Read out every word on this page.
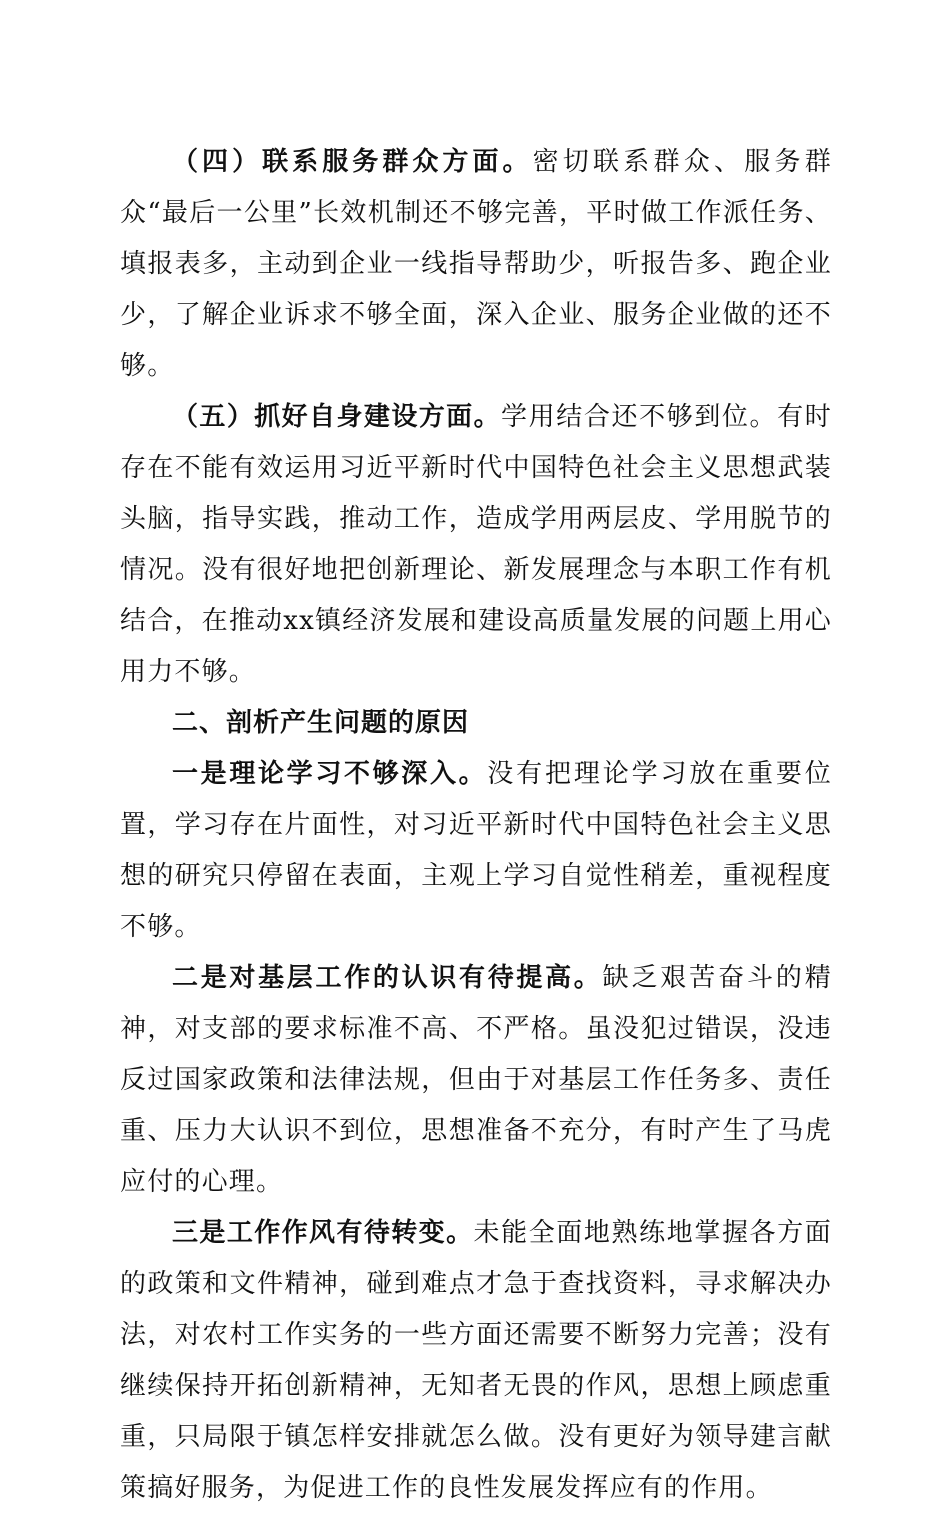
（四）联系服务群众方面。密切联系群众、服务群众“最后一公里”长效机制还不够完善，平时做工作派任务、填报表多，主动到企业一线指导帮助少，听报告多、跑企业少，了解企业诉求不够全面，深入企业、服务企业做的还不够。

（五）抓好自身建设方面。学用结合还不够到位。有时存在不能有效运用习近平新时代中国特色社会主义思想武装头脑，指导实践，推动工作，造成学用两层皮、学用脱节的情况。没有很好地把创新理论、新发展理念与本职工作有机结合，在推动xx镇经济发展和建设高质量发展的问题上用心用力不够。

二、剖析产生问题的原因

一是理论学习不够深入。没有把理论学习放在重要位置，学习存在片面性，对习近平新时代中国特色社会主义思想的研究只停留在表面，主观上学习自觉性稍差，重视程度不够。

二是对基层工作的认识有待提高。缺乏艰苦奋斗的精神，对支部的要求标准不高、不严格。虽没犯过错误，没违反过国家政策和法律法规，但由于对基层工作任务多、责任重、压力大认识不到位，思想准备不充分，有时产生了马虎应付的心理。

三是工作作风有待转变。未能全面地熟练地掌握各方面的政策和文件精神，碰到难点才急于查找资料，寻求解决办法，对农村工作实务的一些方面还需要不断努力完善；没有继续保持开拓创新精神，无知者无畏的作风，思想上顾虑重重，只局限于镇怎样安排就怎么做。没有更好为领导建言献策搞好服务，为促进工作的良性发展发挥应有的作用。
